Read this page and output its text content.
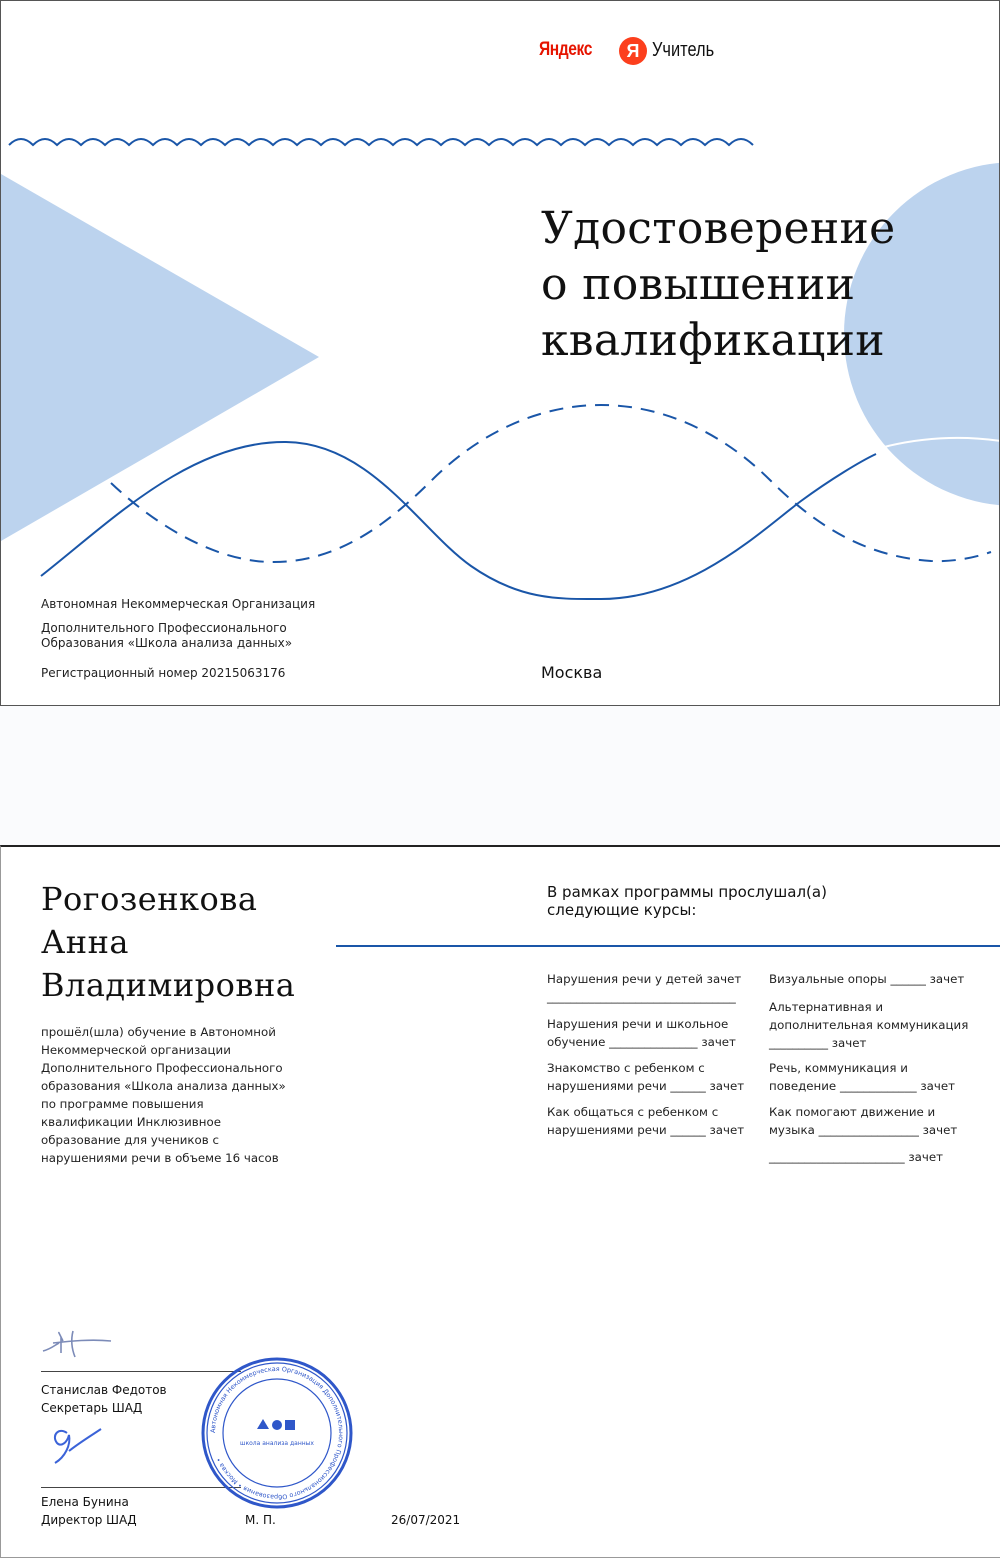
Яндекс	Я Учитель
Удостоверение
о повышении
квалификации
Автономная Некоммерческая Организация
Дополнительного Профессионального Образования «Школа анализа данных»
Регистрационный номер 20215063176	Москва
Рогозенкова
Анна
Владимировна
прошёл(шла) обучение в Автономной Некоммерческой организации Дополнительного Профессионального образования «Школа анализа данных» по программе повышения квалификации Инклюзивное образование для учеников с нарушениями речи в объеме 16 часов
В рамках программы прослушал(а) следующие курсы:
Нарушения речи у детей зачет ________________________________
Нарушения речи и школьное обучение _______________ зачет
Знакомство с ребенком с нарушениями речи ______ зачет
Как общаться с ребенком с нарушениями речи ______ зачет
Визуальные опоры ______ зачет
Альтернативная и дополнительная коммуникация __________ зачет
Речь, коммуникация и поведение _____________ зачет
Как помогают движение и музыка _________________ зачет
_______________________ зачет
Станислав Федотов
Секретарь ШАД
Елена Бунина
Директор ШАД	М. П.	26/07/2021
Автономная Некоммерческая Организация Дополнительного Профессионального Образования • Москва •
школа анализа данных
